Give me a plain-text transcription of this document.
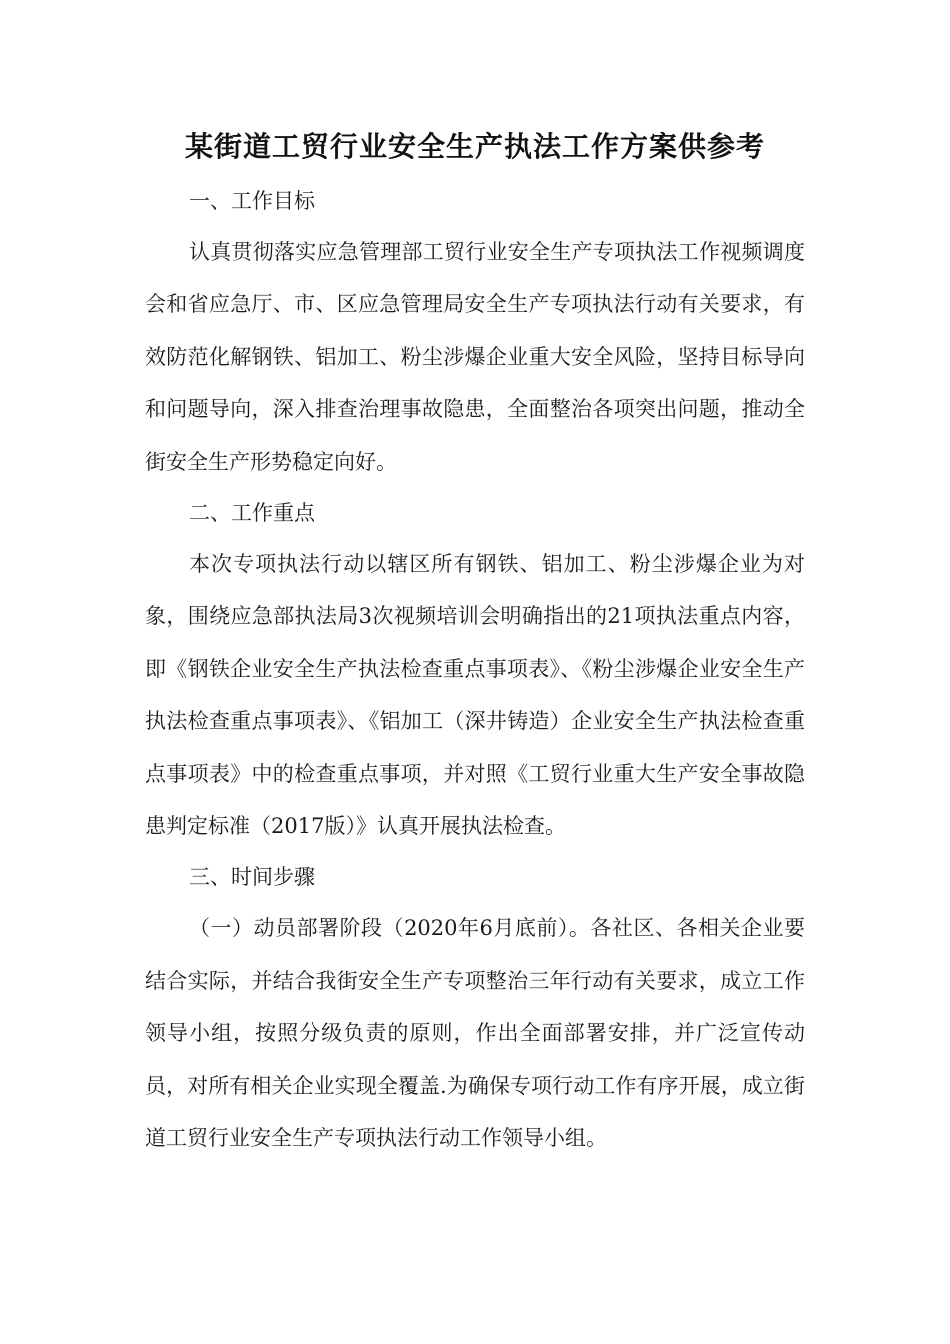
某街道工贸行业安全生产执法工作方案供参考
一、工作目标

认真贯彻落实应急管理部工贸行业安全生产专项执法工作视频调度会和省应急厅、市、区应急管理局安全生产专项执法行动有关要求，有效防范化解钢铁、铝加工、粉尘涉爆企业重大安全风险，坚持目标导向和问题导向，深入排查治理事故隐患，全面整治各项突出问题，推动全街安全生产形势稳定向好。

二、工作重点

本次专项执法行动以辖区所有钢铁、铝加工、粉尘涉爆企业为对象，围绕应急部执法局3次视频培训会明确指出的21项执法重点内容，即《钢铁企业安全生产执法检查重点事项表》、《粉尘涉爆企业安全生产执法检查重点事项表》、《铝加工（深井铸造）企业安全生产执法检查重点事项表》中的检查重点事项，并对照《工贸行业重大生产安全事故隐患判定标准（2017版）》认真开展执法检查。

三、时间步骤

（一）动员部署阶段（2020年6月底前）。各社区、各相关企业要结合实际，并结合我街安全生产专项整治三年行动有关要求，成立工作领导小组，按照分级负责的原则，作出全面部署安排，并广泛宣传动员，对所有相关企业实现全覆盖.为确保专项行动工作有序开展，成立街道工贸行业安全生产专项执法行动工作领导小组。
